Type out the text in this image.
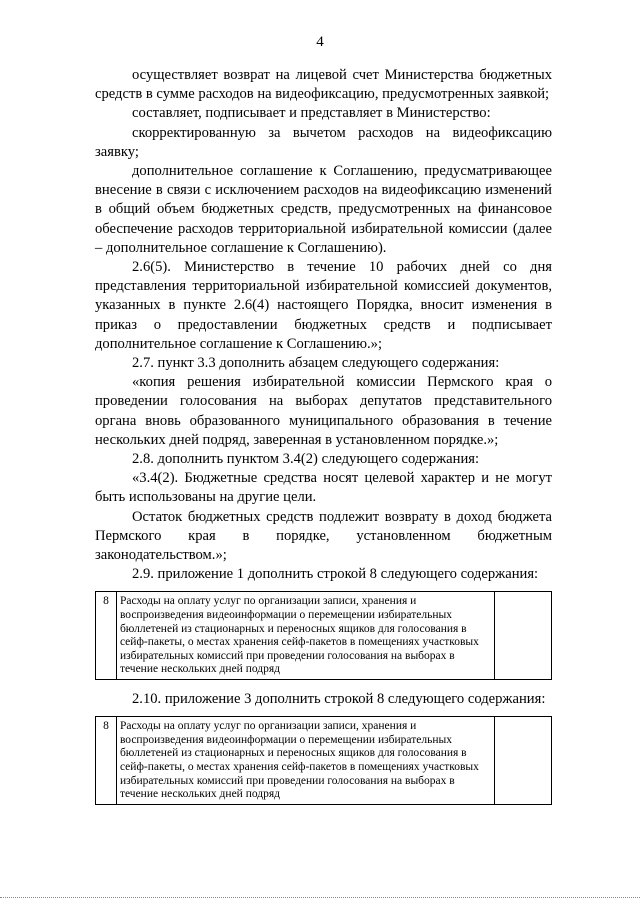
4

осуществляет возврат на лицевой счет Министерства бюджетных средств в сумме расходов на видеофиксацию, предусмотренных заявкой;

составляет, подписывает и представляет в Министерство:

скорректированную за вычетом расходов на видеофиксацию заявку;

дополнительное соглашение к Соглашению, предусматривающее внесение в связи с исключением расходов на видеофиксацию изменений в общий объем бюджетных средств, предусмотренных на финансовое обеспечение расходов территориальной избирательной комиссии (далее – дополнительное соглашение к Соглашению).

2.6(5). Министерство в течение 10 рабочих дней со дня представления территориальной избирательной комиссией документов, указанных в пункте 2.6(4) настоящего Порядка, вносит изменения в приказ о предоставлении бюджетных средств и подписывает дополнительное соглашение к Соглашению.»;

2.7. пункт 3.3 дополнить абзацем следующего содержания:

«копия решения избирательной комиссии Пермского края о проведении голосования на выборах депутатов представительного органа вновь образованного муниципального образования в течение нескольких дней подряд, заверенная в установленном порядке.»;

2.8. дополнить пунктом 3.4(2) следующего содержания:

«3.4(2). Бюджетные средства носят целевой характер и не могут быть использованы на другие цели.

Остаток бюджетных средств подлежит возврату в доход бюджета Пермского края в порядке, установленном бюджетным законодательством.»;

2.9. приложение 1 дополнить строкой 8 следующего содержания:

8	Расходы на оплату услуг по организации записи, хранения и воспроизведения видеоинформации о перемещении избирательных бюллетеней из стационарных и переносных ящиков для голосования в сейф-пакеты, о местах хранения сейф-пакетов в помещениях участковых избирательных комиссий при проведении голосования на выборах в течение нескольких дней подряд	

2.10. приложение 3 дополнить строкой 8 следующего содержания:

8	Расходы на оплату услуг по организации записи, хранения и воспроизведения видеоинформации о перемещении избирательных бюллетеней из стационарных и переносных ящиков для голосования в сейф-пакеты, о местах хранения сейф-пакетов в помещениях участковых избирательных комиссий при проведении голосования на выборах в течение нескольких дней подряд	
